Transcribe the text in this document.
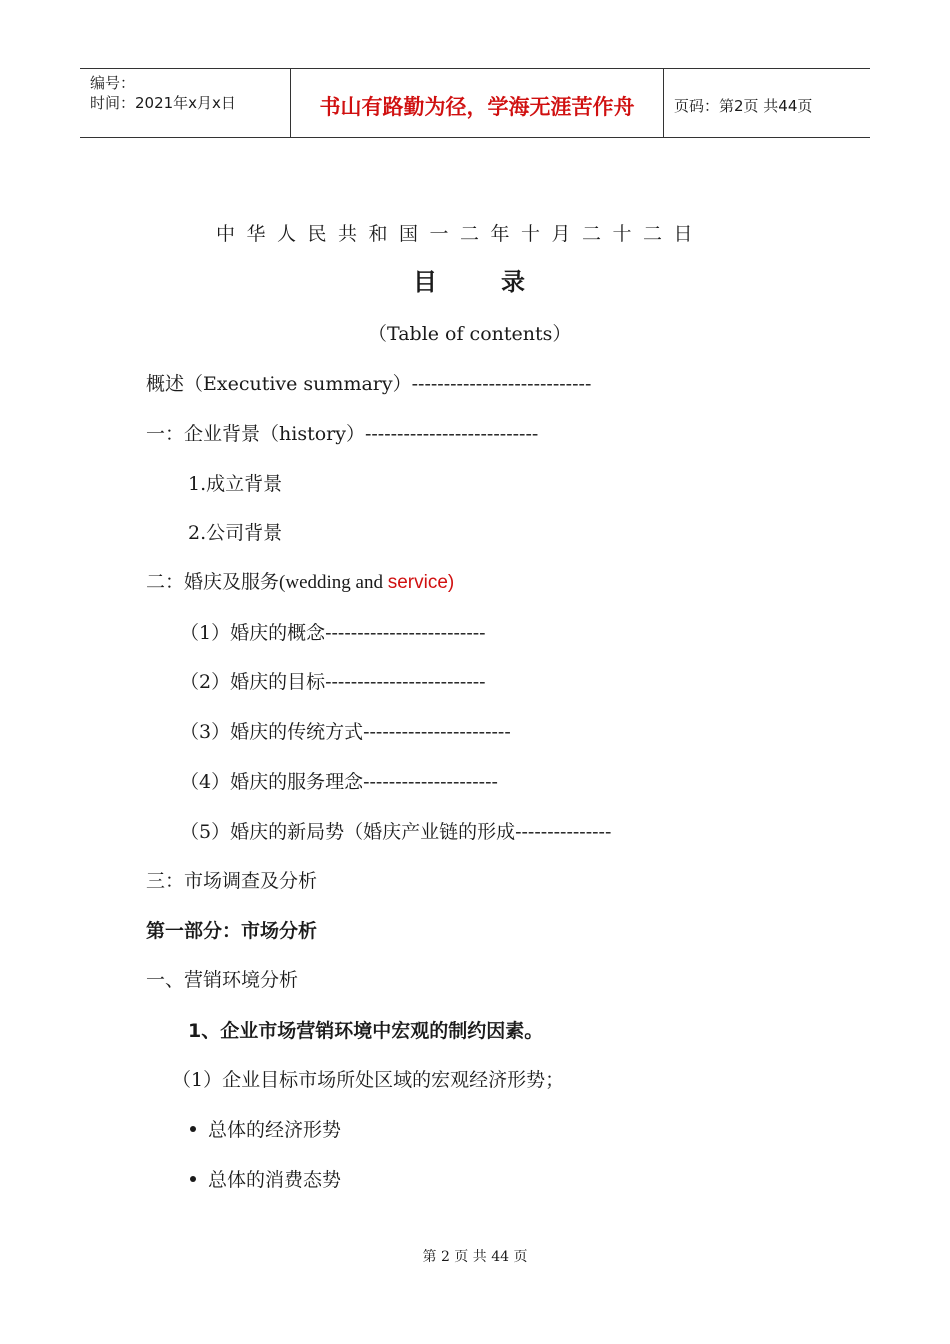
编号：
时间：2021年x月x日	书山有路勤为径，学海无涯苦作舟	页码：第2页 共44页
中华人民共和国一二年十月二十二日
目录
（Table of contents）
概述（Executive summary）----------------------------
一：企业背景（history）---------------------------
1.成立背景
2.公司背景
二：婚庆及服务(wedding and service)
（1）婚庆的概念-------------------------
（2）婚庆的目标-------------------------
（3）婚庆的传统方式-----------------------
（4）婚庆的服务理念---------------------
（5）婚庆的新局势（婚庆产业链的形成---------------
三：市场调查及分析
第一部分：市场分析
一、营销环境分析
1、企业市场营销环境中宏观的制约因素。
（1）企业目标市场所处区域的宏观经济形势；
总体的经济形势
总体的消费态势
第 2 页 共 44 页
